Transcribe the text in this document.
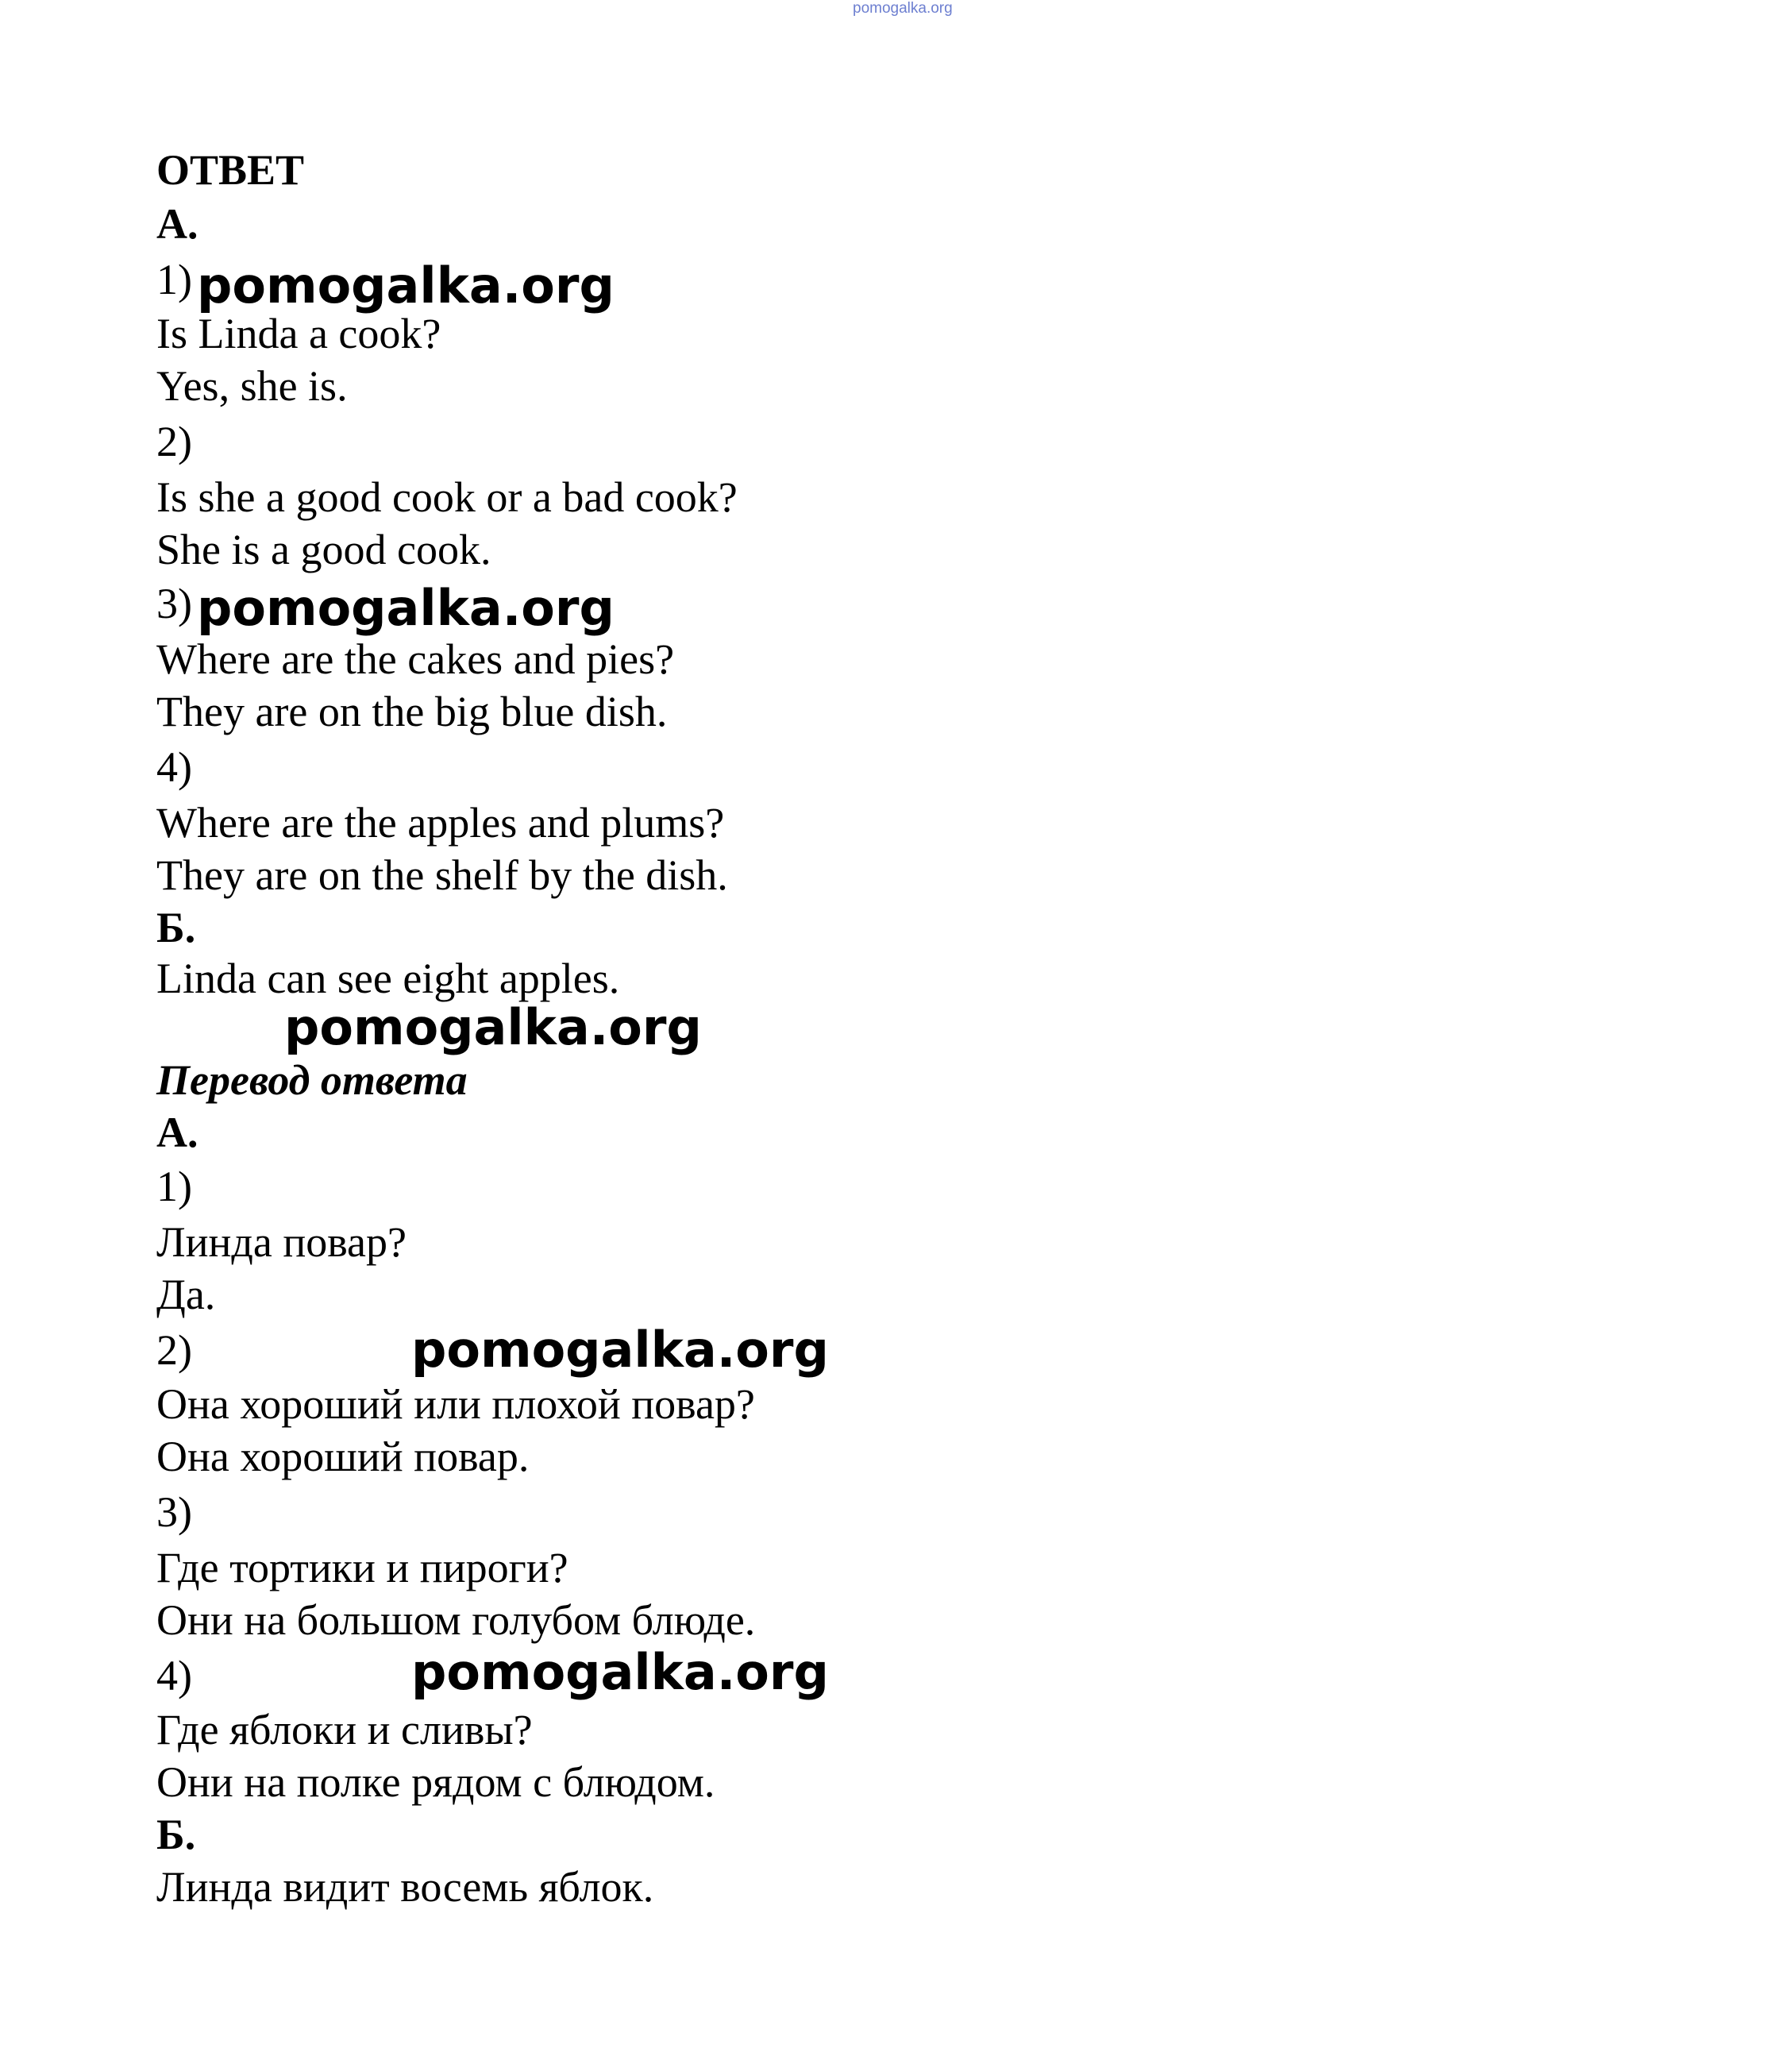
pomogalka.org
ОТВЕТ
А.
1) pomogalka.org
Is Linda a cook?
Yes, she is.
2)
Is she a good cook or a bad cook?
She is a good cook.
3) pomogalka.org
Where are the cakes and pies?
They are on the big blue dish.
4)
Where are the apples and plums?
They are on the shelf by the dish.
Б.
Linda can see eight apples.
pomogalka.org
Перевод ответа
А.
1)
Линда повар?
Да.
2)	pomogalka.org
Она хороший или плохой повар?
Она хороший повар.
3)
Где тортики и пироги?
Они на большом голубом блюде.
4)	pomogalka.org
Где яблоки и сливы?
Они на полке рядом с блюдом.
Б.
Линда видит восемь яблок.
